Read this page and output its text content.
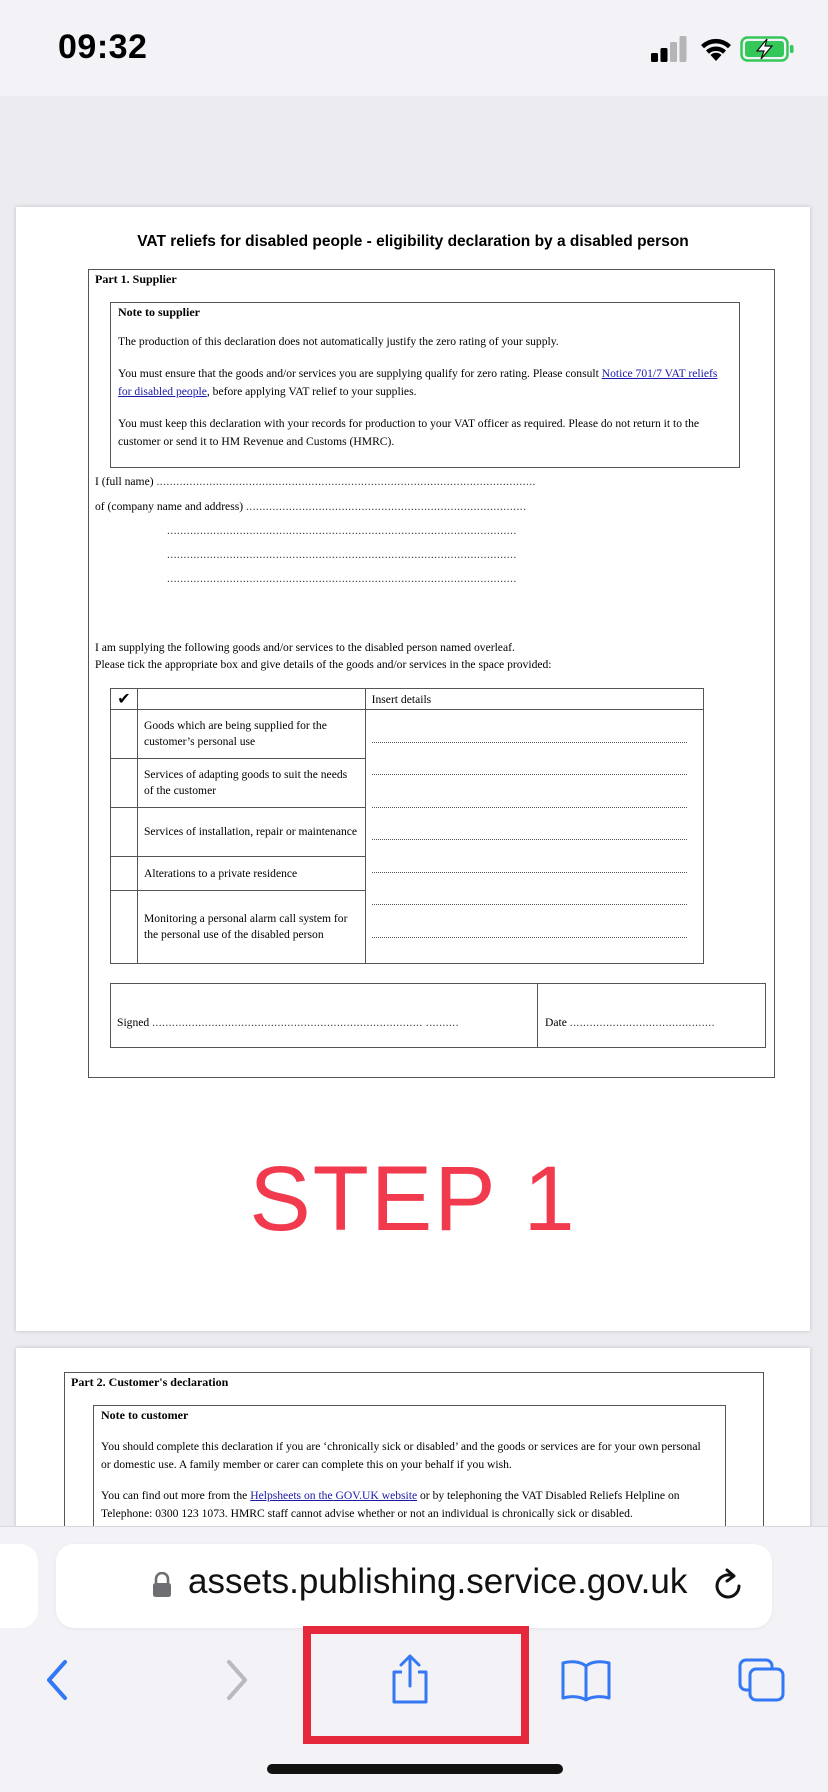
09:32
VAT reliefs for disabled people - eligibility declaration by a disabled person
Part 1. Supplier
Note to supplier
The production of this declaration does not automatically justify the zero rating of your supply.
You must ensure that the goods and/or services you are supplying qualify for zero rating. Please consult Notice 701/7 VAT reliefs for disabled people, before applying VAT relief to your supplies.
You must keep this declaration with your records for production to your VAT officer as required. Please do not return it to the customer or send it to HM Revenue and Customs (HMRC).
I (full name) ...................................................................................................................
of (company name and address) .....................................................................................
..........................................................................................................
..........................................................................................................
..........................................................................................................
I am supplying the following goods and/or services to the disabled person named overleaf.
Please tick the appropriate box and give details of the goods and/or services in the space provided:
✔		Insert details
	Goods which are being supplied for the customer’s personal use	

	Services of adapting goods to suit the needs of the customer	
	Services of installation, repair or maintenance	
	Alterations to a private residence	
	Monitoring a personal alarm call system for the personal use of the disabled person	
Signed .................................................................................. ..........	Date ............................................
STEP 1
Part 2. Customer's declaration
Note to customer
You should complete this declaration if you are ‘chronically sick or disabled’ and the goods or services are for your own personal or domestic use. A family member or carer can complete this on your behalf if you wish.
You can find out more from the Helpsheets on the GOV.UK website or by telephoning the VAT Disabled Reliefs Helpline on Telephone: 0300 123 1073. HMRC staff cannot advise whether or not an individual is chronically sick or disabled.
assets.publishing.service.gov.uk
